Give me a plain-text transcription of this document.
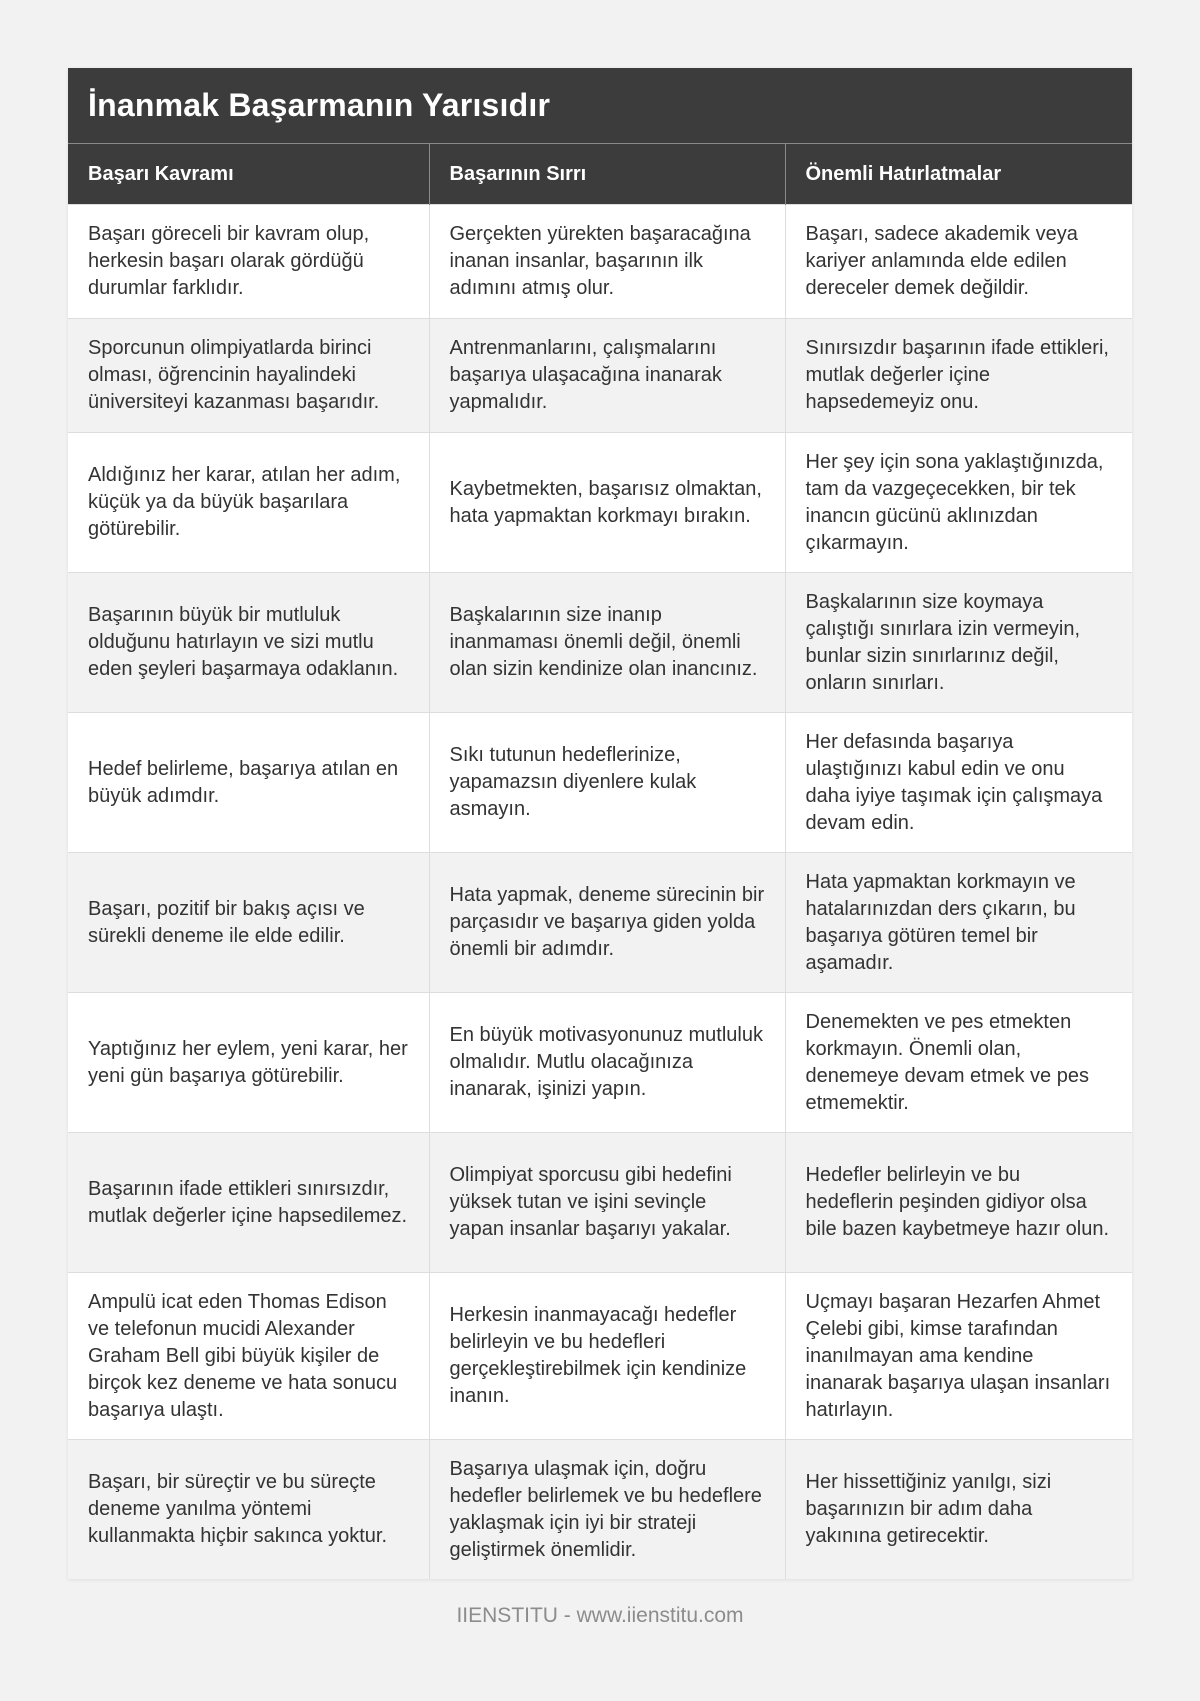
İnanmak Başarmanın Yarısıdır
Başarı Kavramı	Başarının Sırrı	Önemli Hatırlatmalar
Başarı göreceli bir kavram olup, herkesin başarı olarak gördüğü durumlar farklıdır.	Gerçekten yürekten başaracağına inanan insanlar, başarının ilk adımını atmış olur.	Başarı, sadece akademik veya kariyer anlamında elde edilen dereceler demek değildir.
Sporcunun olimpiyatlarda birinci olması, öğrencinin hayalindeki üniversiteyi kazanması başarıdır.	Antrenmanlarını, çalışmalarını başarıya ulaşacağına inanarak yapmalıdır.	Sınırsızdır başarının ifade ettikleri, mutlak değerler içine hapsedemeyiz onu.
Aldığınız her karar, atılan her adım, küçük ya da büyük başarılara götürebilir.	Kaybetmekten, başarısız olmaktan, hata yapmaktan korkmayı bırakın.	Her şey için sona yaklaştığınızda, tam da vazgeçecekken, bir tek inancın gücünü aklınızdan çıkarmayın.
Başarının büyük bir mutluluk olduğunu hatırlayın ve sizi mutlu eden şeyleri başarmaya odaklanın.	Başkalarının size inanıp inanmaması önemli değil, önemli olan sizin kendinize olan inancınız.	Başkalarının size koymaya çalıştığı sınırlara izin vermeyin, bunlar sizin sınırlarınız değil, onların sınırları.
Hedef belirleme, başarıya atılan en büyük adımdır.	Sıkı tutunun hedeflerinize, yapamazsın diyenlere kulak asmayın.	Her defasında başarıya ulaştığınızı kabul edin ve onu daha iyiye taşımak için çalışmaya devam edin.
Başarı, pozitif bir bakış açısı ve sürekli deneme ile elde edilir.	Hata yapmak, deneme sürecinin bir parçasıdır ve başarıya giden yolda önemli bir adımdır.	Hata yapmaktan korkmayın ve hatalarınızdan ders çıkarın, bu başarıya götüren temel bir aşamadır.
Yaptığınız her eylem, yeni karar, her yeni gün başarıya götürebilir.	En büyük motivasyonunuz mutluluk olmalıdır. Mutlu olacağınıza inanarak, işinizi yapın.	Denemekten ve pes etmekten korkmayın. Önemli olan, denemeye devam etmek ve pes etmemektir.
Başarının ifade ettikleri sınırsızdır, mutlak değerler içine hapsedilemez.	Olimpiyat sporcusu gibi hedefini yüksek tutan ve işini sevinçle yapan insanlar başarıyı yakalar.	Hedefler belirleyin ve bu hedeflerin peşinden gidiyor olsa bile bazen kaybetmeye hazır olun.
Ampulü icat eden Thomas Edison ve telefonun mucidi Alexander Graham Bell gibi büyük kişiler de birçok kez deneme ve hata sonucu başarıya ulaştı.	Herkesin inanmayacağı hedefler belirleyin ve bu hedefleri gerçekleştirebilmek için kendinize inanın.	Uçmayı başaran Hezarfen Ahmet Çelebi gibi, kimse tarafından inanılmayan ama kendine inanarak başarıya ulaşan insanları hatırlayın.
Başarı, bir süreçtir ve bu süreçte deneme yanılma yöntemi kullanmakta hiçbir sakınca yoktur.	Başarıya ulaşmak için, doğru hedefler belirlemek ve bu hedeflere yaklaşmak için iyi bir strateji geliştirmek önemlidir.	Her hissettiğiniz yanılgı, sizi başarınızın bir adım daha yakınına getirecektir.
IIENSTITU - www.iienstitu.com
